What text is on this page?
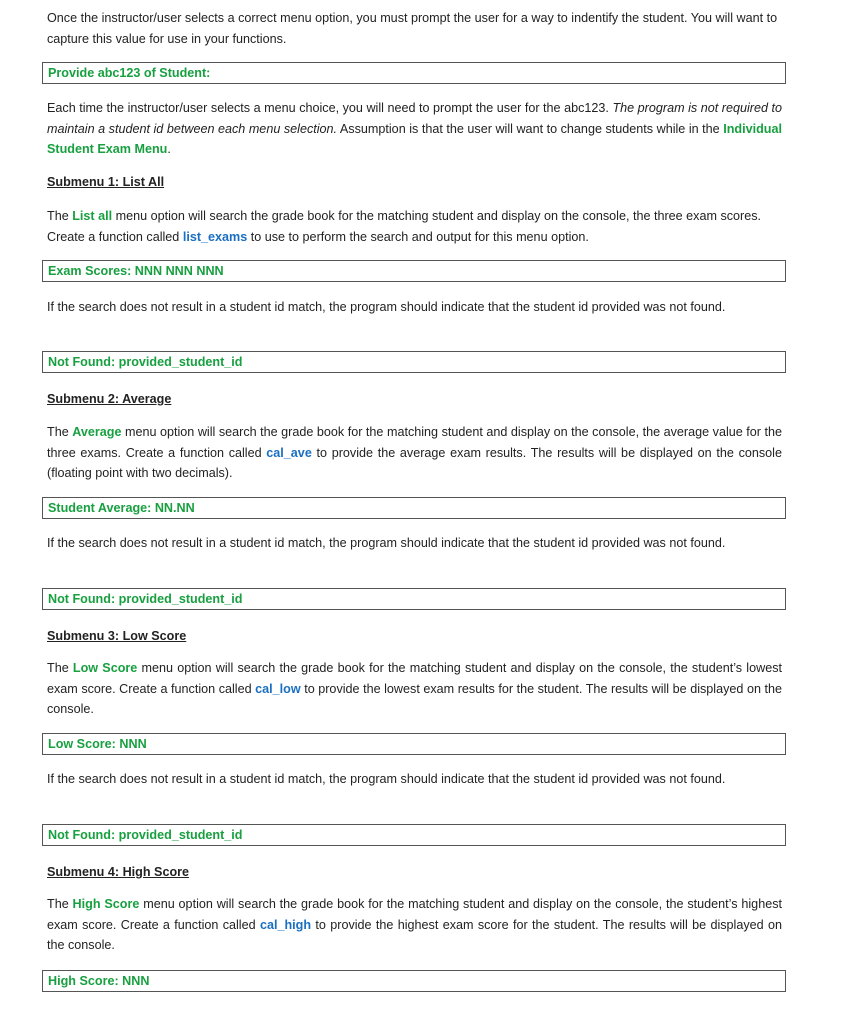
Once the instructor/user selects a correct menu option, you must prompt the user for a way to indentify the student. You will want to capture this value for use in your functions.

Provide abc123 of Student:

Each time the instructor/user selects a menu choice, you will need to prompt the user for the abc123. The program is not required to maintain a student id between each menu selection. Assumption is that the user will want to change students while in the Individual Student Exam Menu.

Submenu 1: List All

The List all menu option will search the grade book for the matching student and display on the console, the three exam scores. Create a function called list_exams to use to perform the search and output for this menu option.

Exam Scores: NNN NNN NNN

If the search does not result in a student id match, the program should indicate that the student id provided was not found.

Not Found: provided_student_id

Submenu 2: Average

The Average menu option will search the grade book for the matching student and display on the console, the average value for the three exams. Create a function called cal_ave to provide the average exam results. The results will be displayed on the console (floating point with two decimals).

Student Average: NN.NN

If the search does not result in a student id match, the program should indicate that the student id provided was not found.

Not Found: provided_student_id

Submenu 3: Low Score

The Low Score menu option will search the grade book for the matching student and display on the console, the student’s lowest exam score. Create a function called cal_low to provide the lowest exam results for the student. The results will be displayed on the console.

Low Score: NNN

If the search does not result in a student id match, the program should indicate that the student id provided was not found.

Not Found: provided_student_id

Submenu 4: High Score

The High Score menu option will search the grade book for the matching student and display on the console, the student’s highest exam score. Create a function called cal_high to provide the highest exam score for the student. The results will be displayed on the console.

High Score: NNN
